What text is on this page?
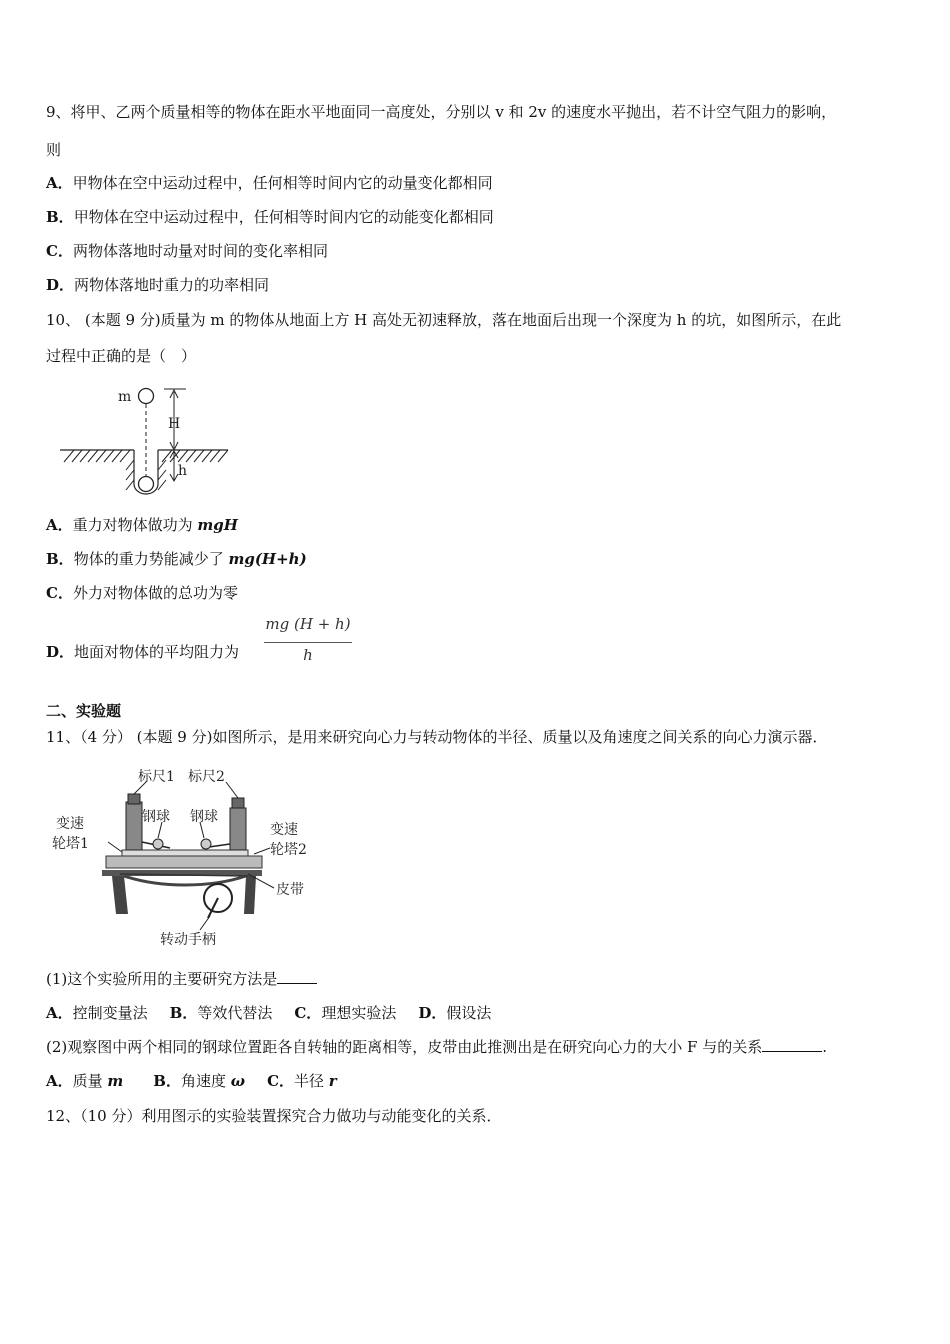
9、将甲、乙两个质量相等的物体在距水平地面同一高度处，分别以 v 和 2v 的速度水平抛出，若不计空气阻力的影响，
则
A．甲物体在空中运动过程中，任何相等时间内它的动量变化都相同
B．甲物体在空中运动过程中，任何相等时间内它的动能变化都相同
C．两物体落地时动量对时间的变化率相同
D．两物体落地时重力的功率相同
10、 (本题 9 分)质量为 m 的物体从地面上方 H 高处无初速释放，落在地面后出现一个深度为 h 的坑，如图所示，在此
过程中正确的是（　）
m
H
h
A．重力对物体做功为 mgH
B．物体的重力势能减少了 mg(H+h)
C．外力对物体做的总功为零
D．地面对物体的平均阻力为
mg (H + h)
h
二、实验题
11、（4 分） (本题 9 分)如图所示，是用来研究向心力与转动物体的半径、质量以及角速度之间关系的向心力演示器．
标尺1 标尺2
钢球 钢球
变速
轮塔1
变速
轮塔2
皮带
转动手柄
(1)这个实验所用的主要研究方法是
A．控制变量法 B．等效代替法 C．理想实验法 D．假设法
(2)观察图中两个相同的钢球位置距各自转轴的距离相等，皮带由此推测出是在研究向心力的大小 F 与的关系	.
A．质量 m B．角速度 ω C．半径 r
12、（10 分）利用图示的实验装置探究合力做功与动能变化的关系．
